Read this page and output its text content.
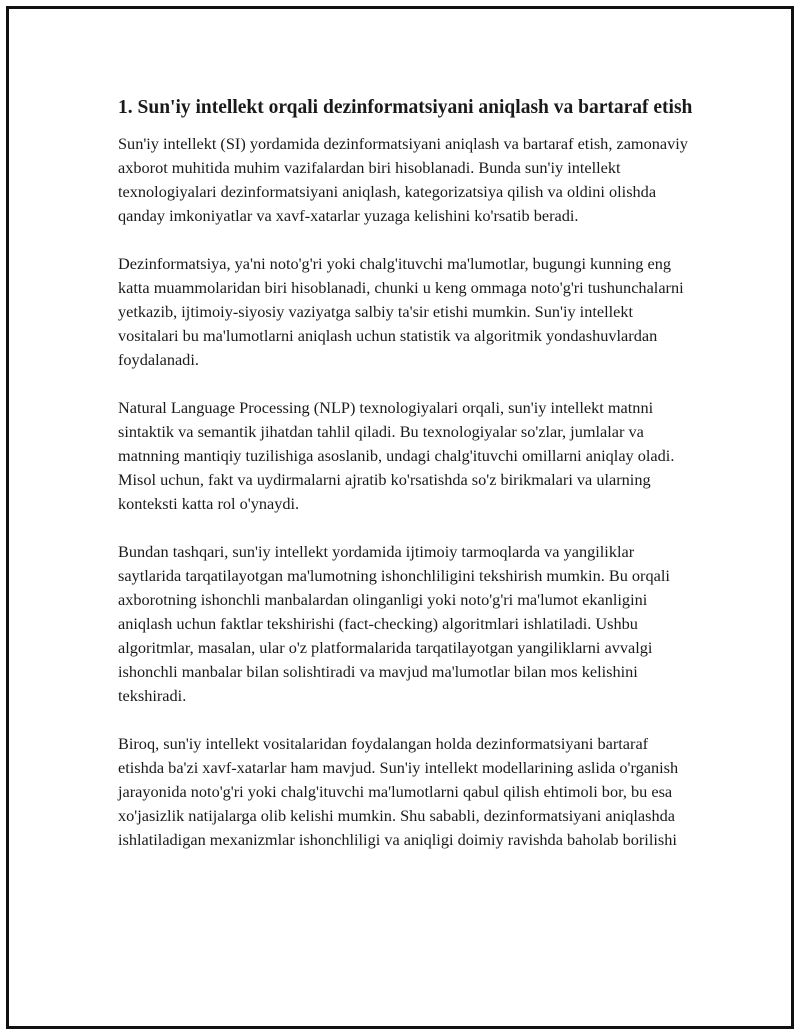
1. Sun'iy intellekt orqali dezinformatsiyani aniqlash va bartaraf etish

Sun'iy intellekt (SI) yordamida dezinformatsiyani aniqlash va bartaraf etish, zamonaviy axborot muhitida muhim vazifalardan biri hisoblanadi. Bunda sun'iy intellekt texnologiyalari dezinformatsiyani aniqlash, kategorizatsiya qilish va oldini olishda qanday imkoniyatlar va xavf-xatarlar yuzaga kelishini ko'rsatib beradi.

Dezinformatsiya, ya'ni noto'g'ri yoki chalg'ituvchi ma'lumotlar, bugungi kunning eng katta muammolaridan biri hisoblanadi, chunki u keng ommaga noto'g'ri tushunchalarni yetkazib, ijtimoiy-siyosiy vaziyatga salbiy ta'sir etishi mumkin. Sun'iy intellekt vositalari bu ma'lumotlarni aniqlash uchun statistik va algoritmik yondashuvlardan foydalanadi.

Natural Language Processing (NLP) texnologiyalari orqali, sun'iy intellekt matnni sintaktik va semantik jihatdan tahlil qiladi. Bu texnologiyalar so'zlar, jumlalar va matnning mantiqiy tuzilishiga asoslanib, undagi chalg'ituvchi omillarni aniqlay oladi. Misol uchun, fakt va uydirmalarni ajratib ko'rsatishda so'z birikmalari va ularning konteksti katta rol o'ynaydi.

Bundan tashqari, sun'iy intellekt yordamida ijtimoiy tarmoqlarda va yangiliklar saytlarida tarqatilayotgan ma'lumotning ishonchliligini tekshirish mumkin. Bu orqali axborotning ishonchli manbalardan olinganligi yoki noto'g'ri ma'lumot ekanligini aniqlash uchun faktlar tekshirishi (fact-checking) algoritmlari ishlatiladi. Ushbu algoritmlar, masalan, ular o'z platformalarida tarqatilayotgan yangiliklarni avvalgi ishonchli manbalar bilan solishtiradi va mavjud ma'lumotlar bilan mos kelishini tekshiradi.

Biroq, sun'iy intellekt vositalaridan foydalangan holda dezinformatsiyani bartaraf etishda ba'zi xavf-xatarlar ham mavjud. Sun'iy intellekt modellarining aslida o'rganish jarayonida noto'g'ri yoki chalg'ituvchi ma'lumotlarni qabul qilish ehtimoli bor, bu esa xo'jasizlik natijalarga olib kelishi mumkin. Shu sababli, dezinformatsiyani aniqlashda ishlatiladigan mexanizmlar ishonchliligi va aniqligi doimiy ravishda baholab borilishi
